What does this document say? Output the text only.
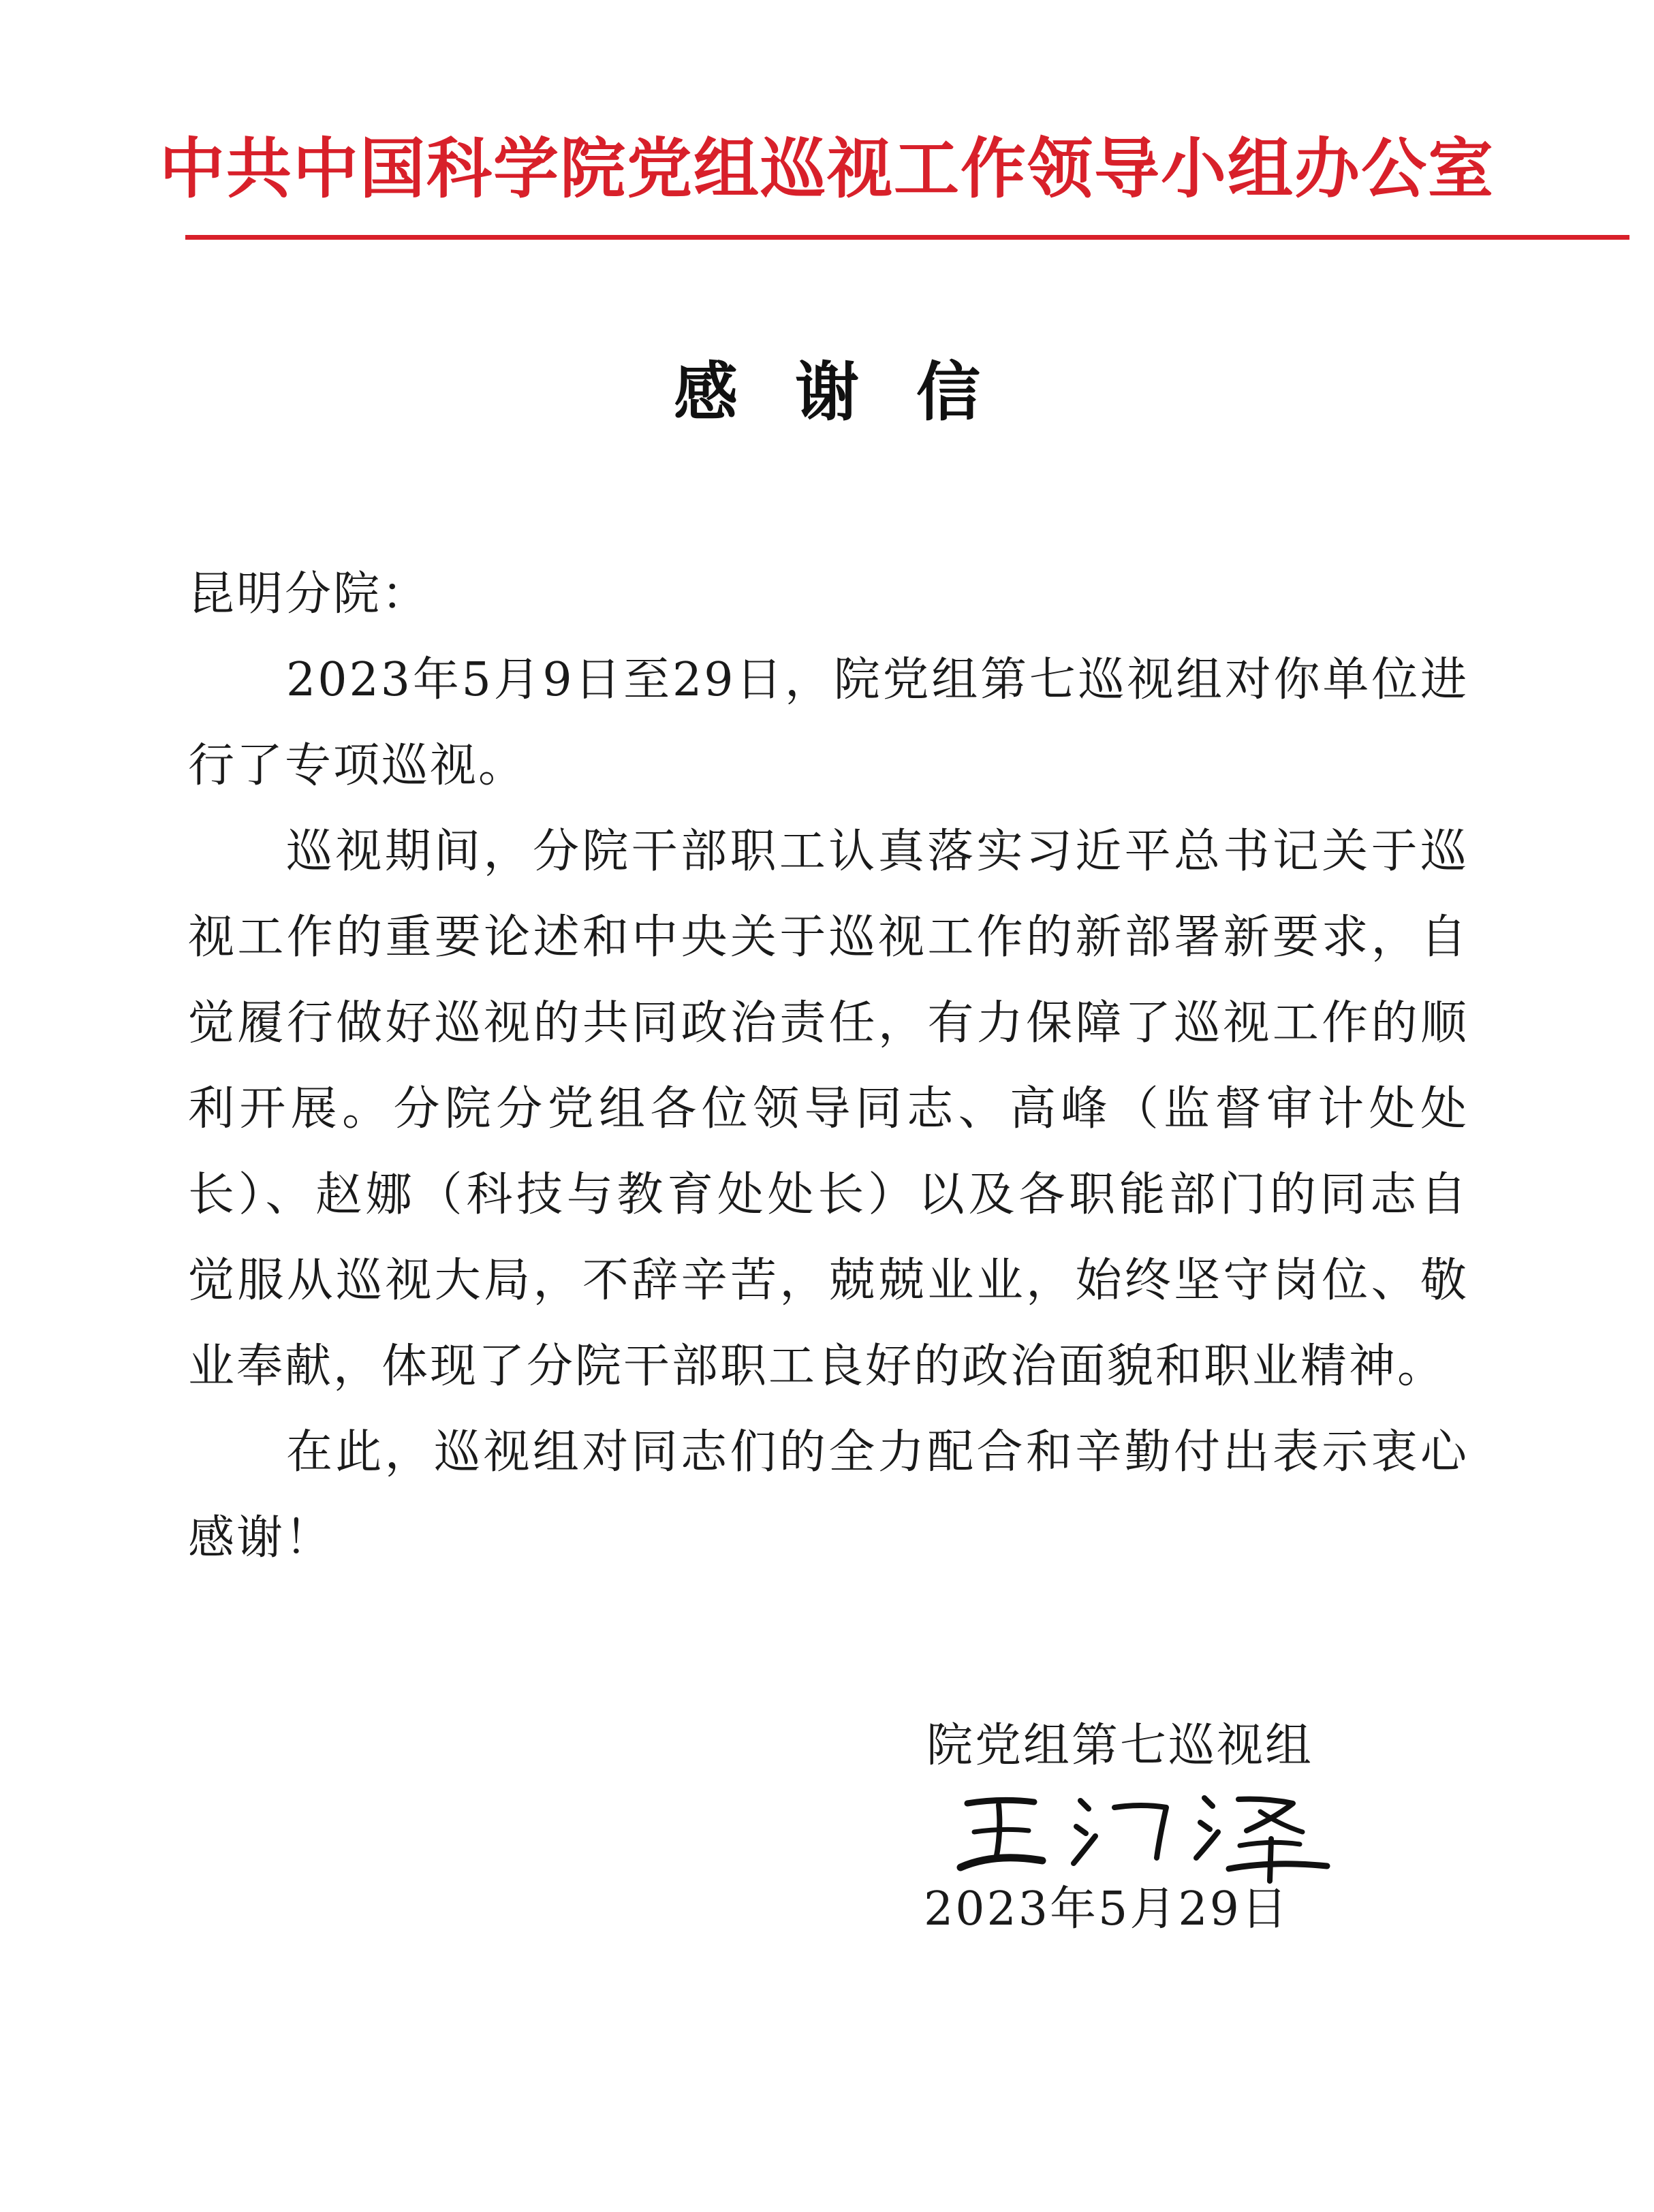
中共中国科学院党组巡视工作领导小组办公室
感谢信

昆明分院：

2023年5月9日至29日，院党组第七巡视组对你单位进行了专项巡视。

巡视期间，分院干部职工认真落实习近平总书记关于巡视工作的重要论述和中央关于巡视工作的新部署新要求，自觉履行做好巡视的共同政治责任，有力保障了巡视工作的顺利开展。分院分党组各位领导同志、高峰（监督审计处处长）、赵娜（科技与教育处处长）以及各职能部门的同志自觉服从巡视大局，不辞辛苦，兢兢业业，始终坚守岗位、敬业奉献，体现了分院干部职工良好的政治面貌和职业精神。

在此，巡视组对同志们的全力配合和辛勤付出表示衷心感谢！

院党组第七巡视组
2023年5月29日
